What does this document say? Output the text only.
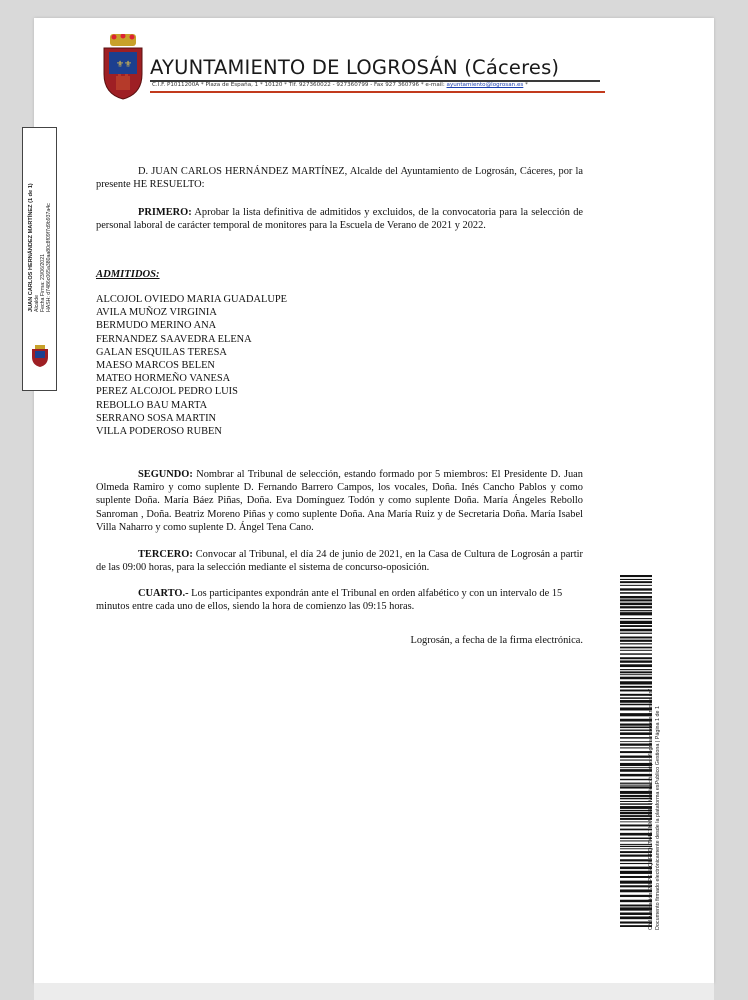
⚜ ⚜ AYUNTAMIENTO DE LOGROSÁN (Cáceres)
C.I.F. P1011200A * Plaza de España, 1 * 10120 * Tlf. 927360022 - 927360799 - Fax 927 360796 * e-mail: ayuntamiento@logrosan.es *
JUAN CARLOS HERNÁNDEZ MARTÍNEZ (1 de 1) Alcalde Fecha Firma: 23/06/2021 HASH: d7486c065a380aa80c8f09f7d9b937a4c

D. JUAN CARLOS HERNÁNDEZ MARTÍNEZ, Alcalde del Ayuntamiento de Logrosán, Cáceres, por la presente HE RESUELTO:

PRIMERO: Aprobar la lista definitiva de admitidos y excluidos, de la convocatoria para la selección de personal laboral de carácter temporal de monitores para la Escuela de Verano de 2021 y 2022.

ADMITIDOS:
ALCOJOL OVIEDO MARIA GUADALUPE
AVILA MUÑOZ VIRGINIA
BERMUDO MERINO ANA
FERNANDEZ SAAVEDRA ELENA
GALAN ESQUILAS TERESA
MAESO MARCOS BELEN
MATEO HORMEÑO VANESA
PEREZ ALCOJOL PEDRO LUIS
REBOLLO BAU MARTA
SERRANO SOSA MARTIN
VILLA PODEROSO RUBEN

SEGUNDO: Nombrar al Tribunal de selección, estando formado por 5 miembros: El Presidente D. Juan Olmeda Ramiro y como suplente D. Fernando Barrero Campos, los vocales, Doña. Inés Cancho Pablos y como suplente Doña. María Báez Piñas, Doña. Eva Domínguez Todón y como suplente Doña. María Ángeles Rebollo Sanroman , Doña. Beatriz Moreno Piñas y como suplente Doña. Ana María Ruiz y de Secretaria Doña. María Isabel Villa Naharro y como suplente D. Ángel Tena Cano.

TERCERO: Convocar al Tribunal, el día 24 de junio de 2021, en la Casa de Cultura de Logrosán a partir de las 09:00 horas, para la selección mediante el sistema de concurso-oposición.

CUARTO.- Los participantes expondrán ante el Tribunal en orden alfabético y con un intervalo de 15 minutos entre cada uno de ellos, siendo la hora de comienzo las 09:15 horas.

Logrosán, a fecha de la firma electrónica.
Cód. Validación: 7WPSPHQKRPQL7K4E7KXWTH5 | Verificación: https://logrosan.sedelectronica.es/ Documento firmado electrónicamente desde la plataforma esPublico Gestiona | Página 1 de 1
